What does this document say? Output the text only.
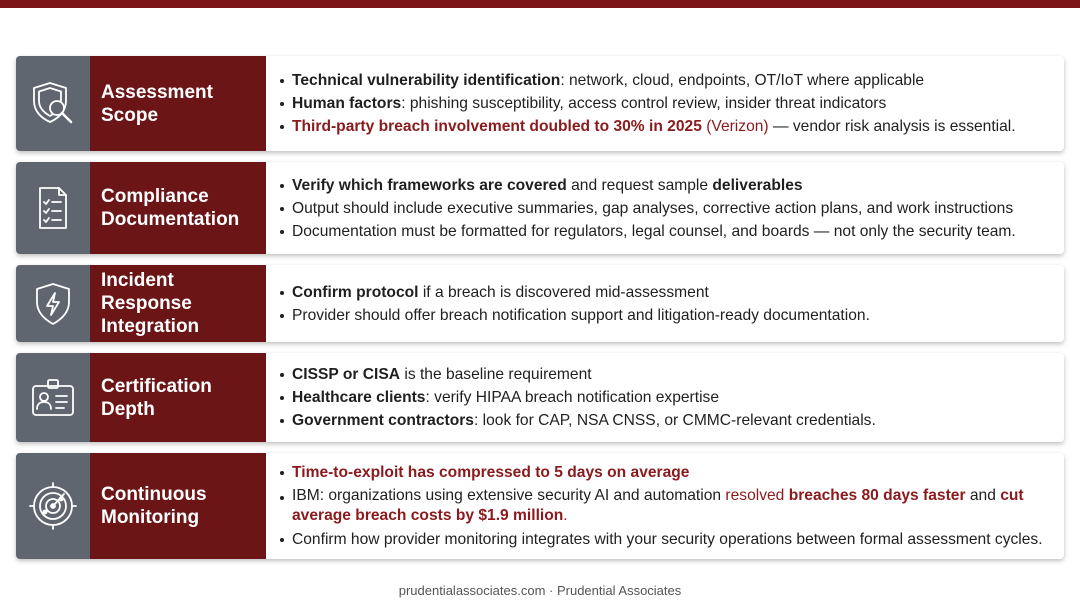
Assessment
Scope
Technical vulnerability identification: network, cloud, endpoints, OT/IoT where applicable
Human factors: phishing susceptibility, access control review, insider threat indicators
Third-party breach involvement doubled to 30% in 2025 (Verizon) — vendor risk analysis is essential.
Compliance
Documentation
Verify which frameworks are covered and request sample deliverables
Output should include executive summaries, gap analyses, corrective action plans, and work instructions
Documentation must be formatted for regulators, legal counsel, and boards — not only the security team.
Incident Response
Integration
Confirm protocol if a breach is discovered mid-assessment
Provider should offer breach notification support and litigation-ready documentation.
Certification
Depth
CISSP or CISA is the baseline requirement
Healthcare clients: verify HIPAA breach notification expertise
Government contractors: look for CAP, NSA CNSS, or CMMC-relevant credentials.
Continuous
Monitoring
Time-to-exploit has compressed to 5 days on average
IBM: organizations using extensive security AI and automation resolved breaches 80 days faster and cut average breach costs by $1.9 million.
Confirm how provider monitoring integrates with your security operations between formal assessment cycles.
prudentialassociates.com · Prudential Associates
